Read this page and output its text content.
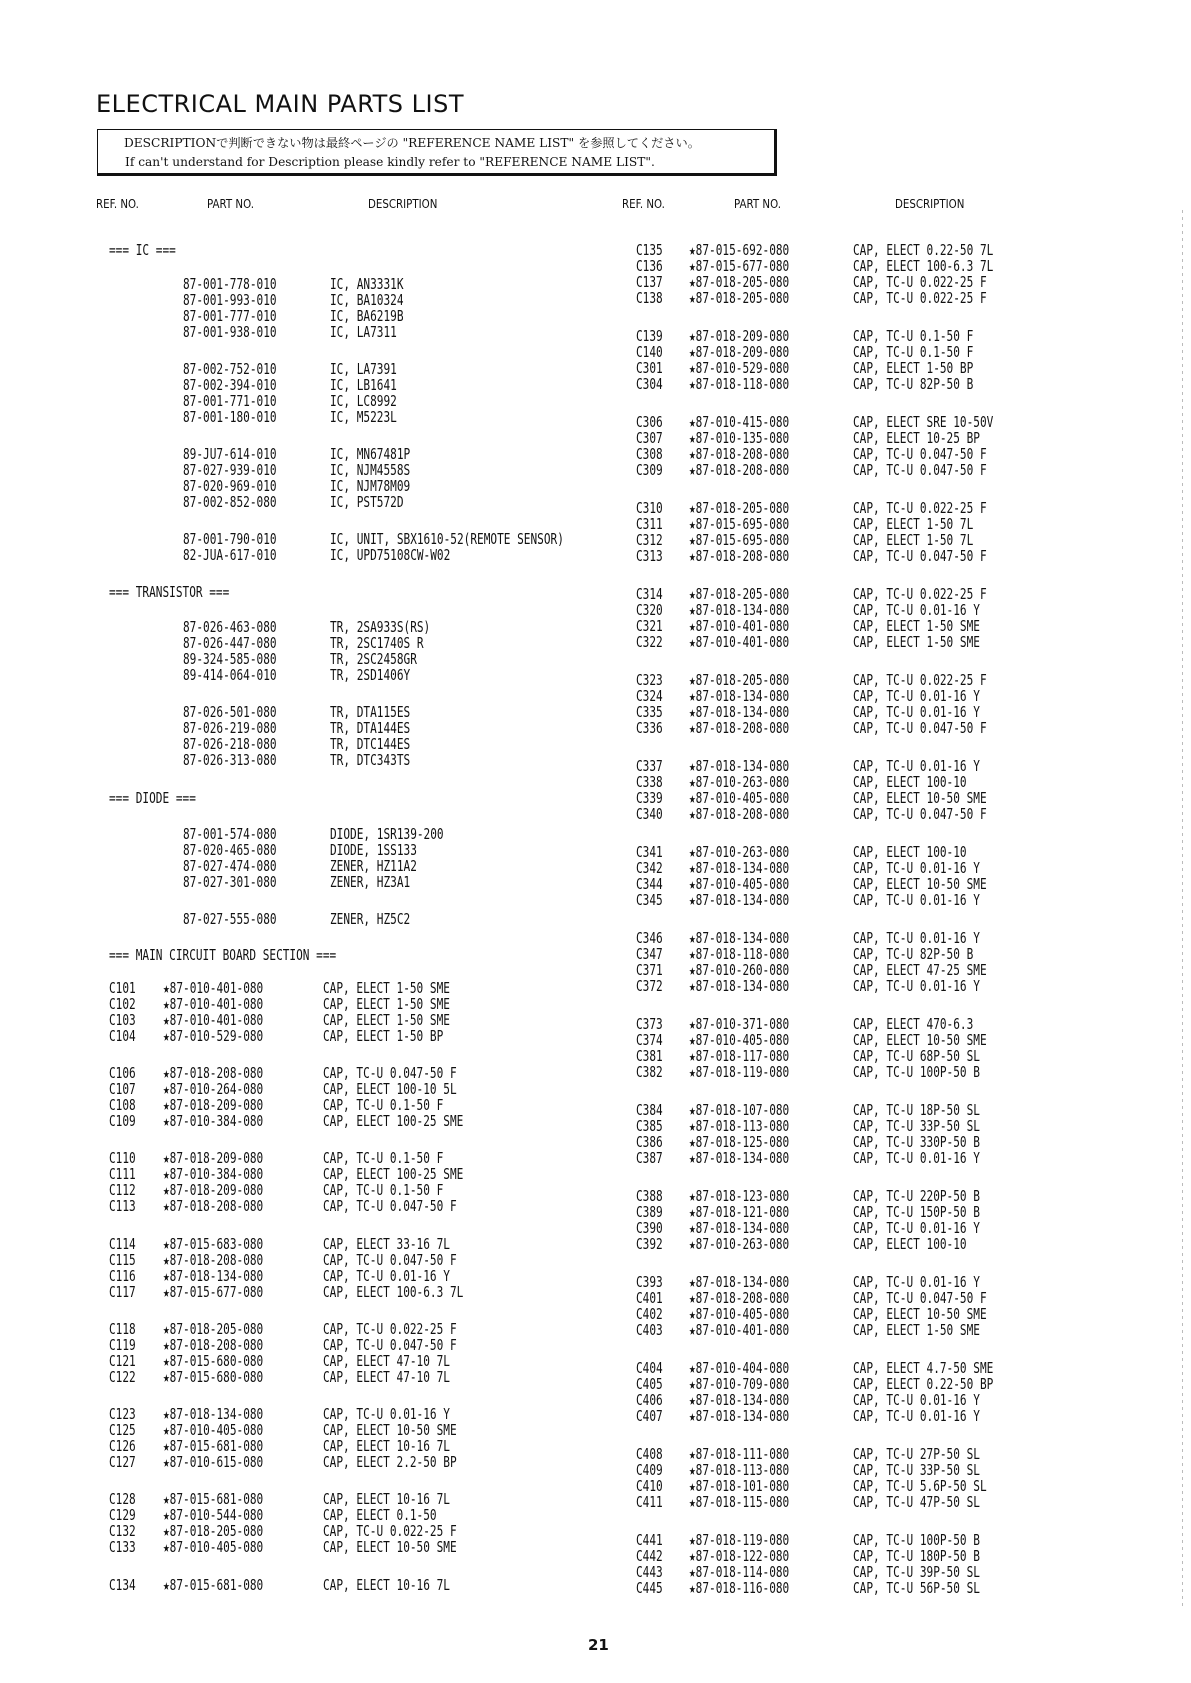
ELECTRICAL MAIN PARTS LIST
DESCRIPTIONで判断できない物は最終ページの "REFERENCE NAME LIST" を参照してください。
If can't understand for Description please kindly refer to "REFERENCE NAME LIST".
REF. NO.	PART NO.	DESCRIPTION	REF. NO.	PART NO.	DESCRIPTION
=== IC ===
87-001-778-010	IC, AN3331K
87-001-993-010	IC, BA10324
87-001-777-010	IC, BA6219B
87-001-938-010	IC, LA7311
87-002-752-010	IC, LA7391
87-002-394-010	IC, LB1641
87-001-771-010	IC, LC8992
87-001-180-010	IC, M5223L
89-JU7-614-010	IC, MN67481P
87-027-939-010	IC, NJM4558S
87-020-969-010	IC, NJM78M09
87-002-852-080	IC, PST572D
87-001-790-010	IC, UNIT, SBX1610-52(REMOTE SENSOR)
82-JUA-617-010	IC, UPD75108CW-W02
=== TRANSISTOR ===
87-026-463-080	TR, 2SA933S(RS)
87-026-447-080	TR, 2SC1740S R
89-324-585-080	TR, 2SC2458GR
89-414-064-010	TR, 2SD1406Y
87-026-501-080	TR, DTA115ES
87-026-219-080	TR, DTA144ES
87-026-218-080	TR, DTC144ES
87-026-313-080	TR, DTC343TS
=== DIODE ===
87-001-574-080	DIODE, 1SR139-200
87-020-465-080	DIODE, 1SS133
87-027-474-080	ZENER, HZ11A2
87-027-301-080	ZENER, HZ3A1
87-027-555-080	ZENER, HZ5C2
=== MAIN CIRCUIT BOARD SECTION ===
C101 ★87-010-401-080	CAP, ELECT 1-50 SME
C102 ★87-010-401-080	CAP, ELECT 1-50 SME
C103 ★87-010-401-080	CAP, ELECT 1-50 SME
C104 ★87-010-529-080	CAP, ELECT 1-50 BP
C106 ★87-018-208-080	CAP, TC-U 0.047-50 F
C107 ★87-010-264-080	CAP, ELECT 100-10 5L
C108 ★87-018-209-080	CAP, TC-U 0.1-50 F
C109 ★87-010-384-080	CAP, ELECT 100-25 SME
C110 ★87-018-209-080	CAP, TC-U 0.1-50 F
C111 ★87-010-384-080	CAP, ELECT 100-25 SME
C112 ★87-018-209-080	CAP, TC-U 0.1-50 F
C113 ★87-018-208-080	CAP, TC-U 0.047-50 F
C114 ★87-015-683-080	CAP, ELECT 33-16 7L
C115 ★87-018-208-080	CAP, TC-U 0.047-50 F
C116 ★87-018-134-080	CAP, TC-U 0.01-16 Y
C117 ★87-015-677-080	CAP, ELECT 100-6.3 7L
C118 ★87-018-205-080	CAP, TC-U 0.022-25 F
C119 ★87-018-208-080	CAP, TC-U 0.047-50 F
C121 ★87-015-680-080	CAP, ELECT 47-10 7L
C122 ★87-015-680-080	CAP, ELECT 47-10 7L
C123 ★87-018-134-080	CAP, TC-U 0.01-16 Y
C125 ★87-010-405-080	CAP, ELECT 10-50 SME
C126 ★87-015-681-080	CAP, ELECT 10-16 7L
C127 ★87-010-615-080	CAP, ELECT 2.2-50 BP
C128 ★87-015-681-080	CAP, ELECT 10-16 7L
C129 ★87-010-544-080	CAP, ELECT 0.1-50
C132 ★87-018-205-080	CAP, TC-U 0.022-25 F
C133 ★87-010-405-080	CAP, ELECT 10-50 SME
C134 ★87-015-681-080	CAP, ELECT 10-16 7L
C135 ★87-015-692-080	CAP, ELECT 0.22-50 7L
C136 ★87-015-677-080	CAP, ELECT 100-6.3 7L
C137 ★87-018-205-080	CAP, TC-U 0.022-25 F
C138 ★87-018-205-080	CAP, TC-U 0.022-25 F
C139 ★87-018-209-080	CAP, TC-U 0.1-50 F
C140 ★87-018-209-080	CAP, TC-U 0.1-50 F
C301 ★87-010-529-080	CAP, ELECT 1-50 BP
C304 ★87-018-118-080	CAP, TC-U 82P-50 B
C306 ★87-010-415-080	CAP, ELECT SRE 10-50V
C307 ★87-010-135-080	CAP, ELECT 10-25 BP
C308 ★87-018-208-080	CAP, TC-U 0.047-50 F
C309 ★87-018-208-080	CAP, TC-U 0.047-50 F
C310 ★87-018-205-080	CAP, TC-U 0.022-25 F
C311 ★87-015-695-080	CAP, ELECT 1-50 7L
C312 ★87-015-695-080	CAP, ELECT 1-50 7L
C313 ★87-018-208-080	CAP, TC-U 0.047-50 F
C314 ★87-018-205-080	CAP, TC-U 0.022-25 F
C320 ★87-018-134-080	CAP, TC-U 0.01-16 Y
C321 ★87-010-401-080	CAP, ELECT 1-50 SME
C322 ★87-010-401-080	CAP, ELECT 1-50 SME
C323 ★87-018-205-080	CAP, TC-U 0.022-25 F
C324 ★87-018-134-080	CAP, TC-U 0.01-16 Y
C335 ★87-018-134-080	CAP, TC-U 0.01-16 Y
C336 ★87-018-208-080	CAP, TC-U 0.047-50 F
C337 ★87-018-134-080	CAP, TC-U 0.01-16 Y
C338 ★87-010-263-080	CAP, ELECT 100-10
C339 ★87-010-405-080	CAP, ELECT 10-50 SME
C340 ★87-018-208-080	CAP, TC-U 0.047-50 F
C341 ★87-010-263-080	CAP, ELECT 100-10
C342 ★87-018-134-080	CAP, TC-U 0.01-16 Y
C344 ★87-010-405-080	CAP, ELECT 10-50 SME
C345 ★87-018-134-080	CAP, TC-U 0.01-16 Y
C346 ★87-018-134-080	CAP, TC-U 0.01-16 Y
C347 ★87-018-118-080	CAP, TC-U 82P-50 B
C371 ★87-010-260-080	CAP, ELECT 47-25 SME
C372 ★87-018-134-080	CAP, TC-U 0.01-16 Y
C373 ★87-010-371-080	CAP, ELECT 470-6.3
C374 ★87-010-405-080	CAP, ELECT 10-50 SME
C381 ★87-018-117-080	CAP, TC-U 68P-50 SL
C382 ★87-018-119-080	CAP, TC-U 100P-50 B
C384 ★87-018-107-080	CAP, TC-U 18P-50 SL
C385 ★87-018-113-080	CAP, TC-U 33P-50 SL
C386 ★87-018-125-080	CAP, TC-U 330P-50 B
C387 ★87-018-134-080	CAP, TC-U 0.01-16 Y
C388 ★87-018-123-080	CAP, TC-U 220P-50 B
C389 ★87-018-121-080	CAP, TC-U 150P-50 B
C390 ★87-018-134-080	CAP, TC-U 0.01-16 Y
C392 ★87-010-263-080	CAP, ELECT 100-10
C393 ★87-018-134-080	CAP, TC-U 0.01-16 Y
C401 ★87-018-208-080	CAP, TC-U 0.047-50 F
C402 ★87-010-405-080	CAP, ELECT 10-50 SME
C403 ★87-010-401-080	CAP, ELECT 1-50 SME
C404 ★87-010-404-080	CAP, ELECT 4.7-50 SME
C405 ★87-010-709-080	CAP, ELECT 0.22-50 BP
C406 ★87-018-134-080	CAP, TC-U 0.01-16 Y
C407 ★87-018-134-080	CAP, TC-U 0.01-16 Y
C408 ★87-018-111-080	CAP, TC-U 27P-50 SL
C409 ★87-018-113-080	CAP, TC-U 33P-50 SL
C410 ★87-018-101-080	CAP, TC-U 5.6P-50 SL
C411 ★87-018-115-080	CAP, TC-U 47P-50 SL
C441 ★87-018-119-080	CAP, TC-U 100P-50 B
C442 ★87-018-122-080	CAP, TC-U 180P-50 B
C443 ★87-018-114-080	CAP, TC-U 39P-50 SL
C445 ★87-018-116-080	CAP, TC-U 56P-50 SL
21
